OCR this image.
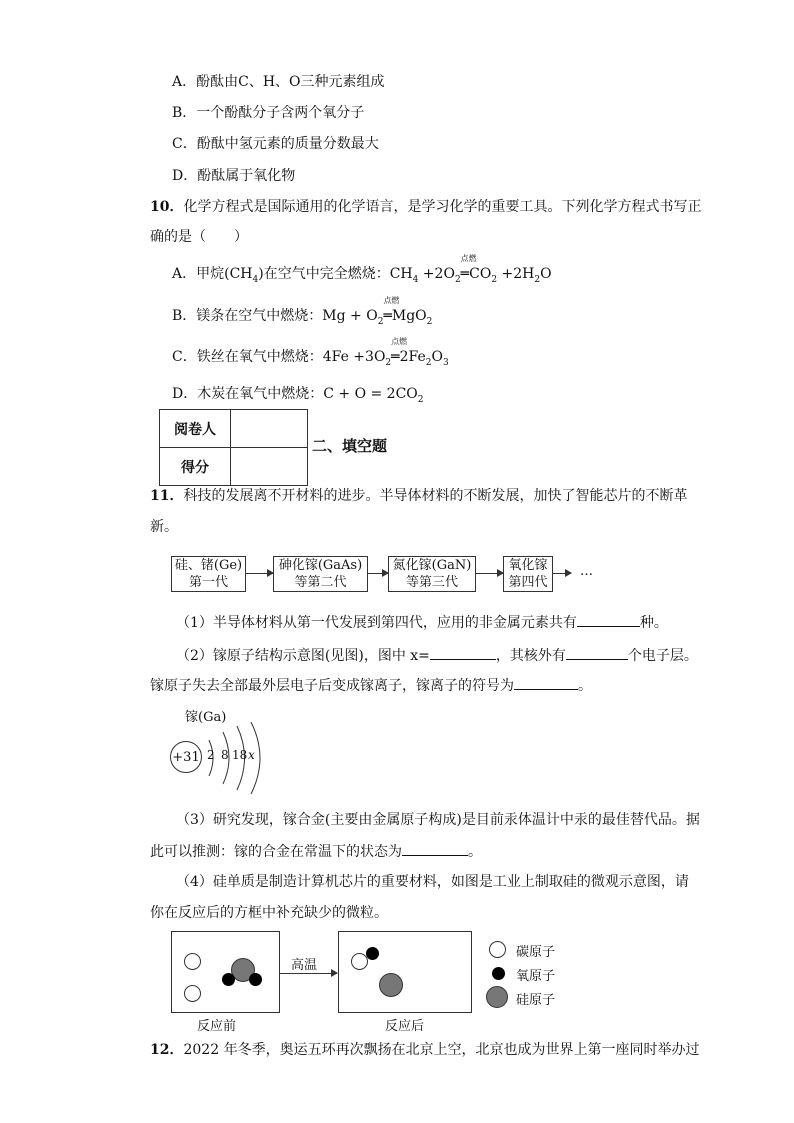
A．酚酞由C、H、O三种元素组成
B．一个酚酞分子含两个氧分子
C．酚酞中氢元素的质量分数最大
D．酚酞属于氧化物
10．化学方程式是国际通用的化学语言，是学习化学的重要工具。下列化学方程式书写正
确的是（　　）
A．甲烷$(CH_4)$在空气中完全燃烧：$CH_4 +2O_2$
点燃
$═CO_2 +2H_2O$
B．镁条在空气中燃烧：$Mg + O_2$
点燃
═MgO$_2$
C．铁丝在氧气中燃烧：$4Fe +3O_2$
点燃
$═2Fe_2O_3$
D．木炭在氧气中燃烧：$C + O = 2CO_2$
阅卷人	
得分	
二、填空题
11．科技的发展离不开材料的进步。半导体材料的不断发展，加快了智能芯片的不断革
新。
硅、锗(Ge)
第一代
砷化镓(GaAs)
等第二代
氮化镓(GaN)
等第三代
氧化镓
第四代
…
（1）半导体材料从第一代发展到第四代，应用的非金属元素共有	种。
（2）镓原子结构示意图(见图)，图中 x=	，其核外有	个电子层。
镓原子失去全部最外层电子后变成镓离子，镓离子的符号为	。
镓(Ga)
+31 2 8 18 x
（3）研究发现，镓合金(主要由金属原子构成)是目前汞体温计中汞的最佳替代品。据
此可以推测：镓的合金在常温下的状态为	。
（4）硅单质是制造计算机芯片的重要材料，如图是工业上制取硅的微观示意图，请
你在反应后的方框中补充缺少的微粒。
反应前
高温
反应后
碳原子
氧原子
硅原子
12．2022 年冬季，奥运五环再次飘扬在北京上空，北京也成为世界上第一座同时举办过
